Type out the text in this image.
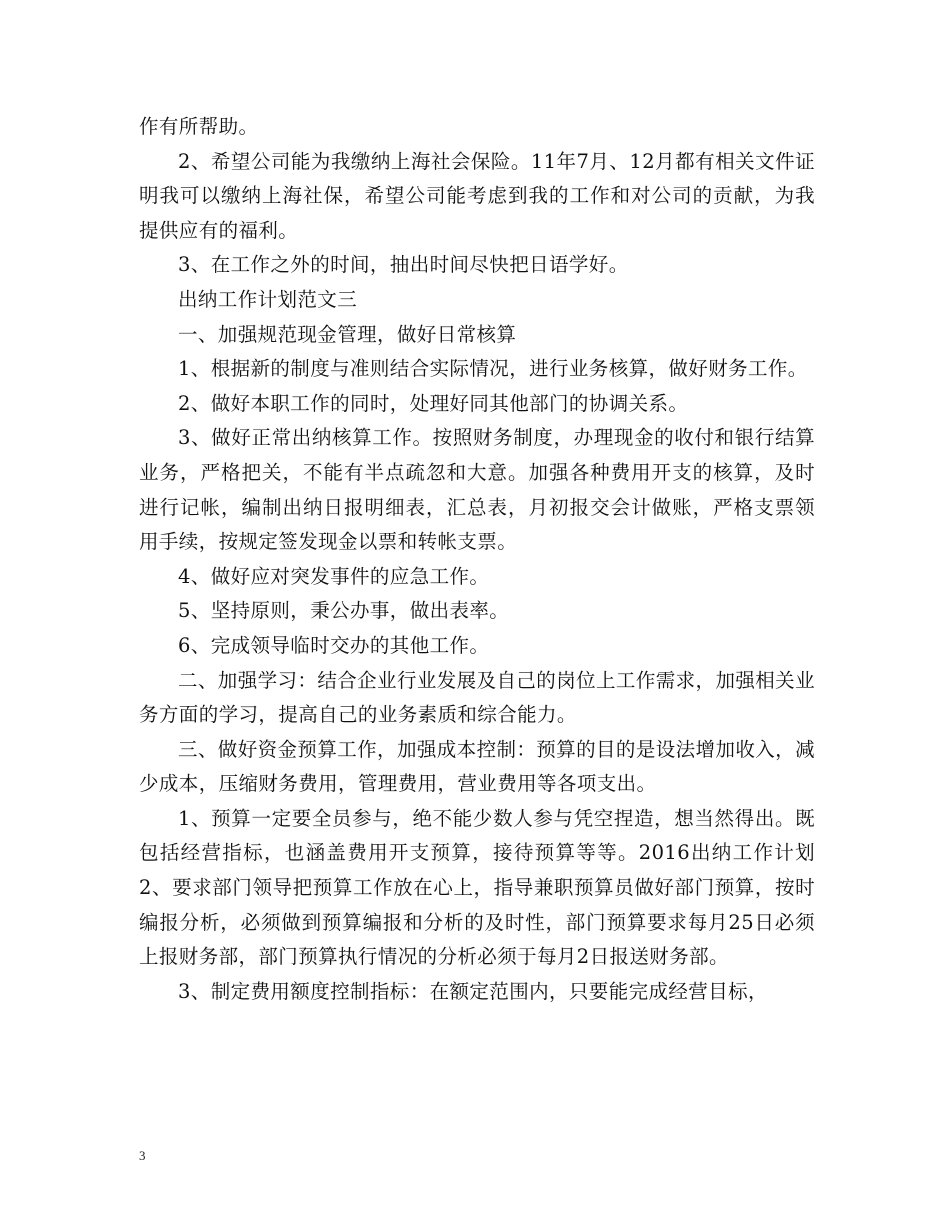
作有所帮助。

2、希望公司能为我缴纳上海社会保险。11年7月、12月都有相关文件证明我可以缴纳上海社保，希望公司能考虑到我的工作和对公司的贡献，为我提供应有的福利。

3、在工作之外的时间，抽出时间尽快把日语学好。

出纳工作计划范文三

一、加强规范现金管理，做好日常核算

1、根据新的制度与准则结合实际情况，进行业务核算，做好财务工作。

2、做好本职工作的同时，处理好同其他部门的协调关系。

3、做好正常出纳核算工作。按照财务制度，办理现金的收付和银行结算业务，严格把关，不能有半点疏忽和大意。加强各种费用开支的核算，及时进行记帐，编制出纳日报明细表，汇总表，月初报交会计做账，严格支票领用手续，按规定签发现金以票和转帐支票。

4、做好应对突发事件的应急工作。

5、坚持原则，秉公办事，做出表率。

6、完成领导临时交办的其他工作。

二、加强学习：结合企业行业发展及自己的岗位上工作需求，加强相关业务方面的学习，提高自己的业务素质和综合能力。

三、做好资金预算工作，加强成本控制：预算的目的是设法增加收入，减少成本，压缩财务费用，管理费用，营业费用等各项支出。

1、预算一定要全员参与，绝不能少数人参与凭空捏造，想当然得出。既包括经营指标，也涵盖费用开支预算，接待预算等等。2016出纳工作计划2、要求部门领导把预算工作放在心上，指导兼职预算员做好部门预算，按时编报分析，必须做到预算编报和分析的及时性，部门预算要求每月25日必须上报财务部，部门预算执行情况的分析必须于每月2日报送财务部。

3、制定费用额度控制指标：在额定范围内，只要能完成经营目标，

3
